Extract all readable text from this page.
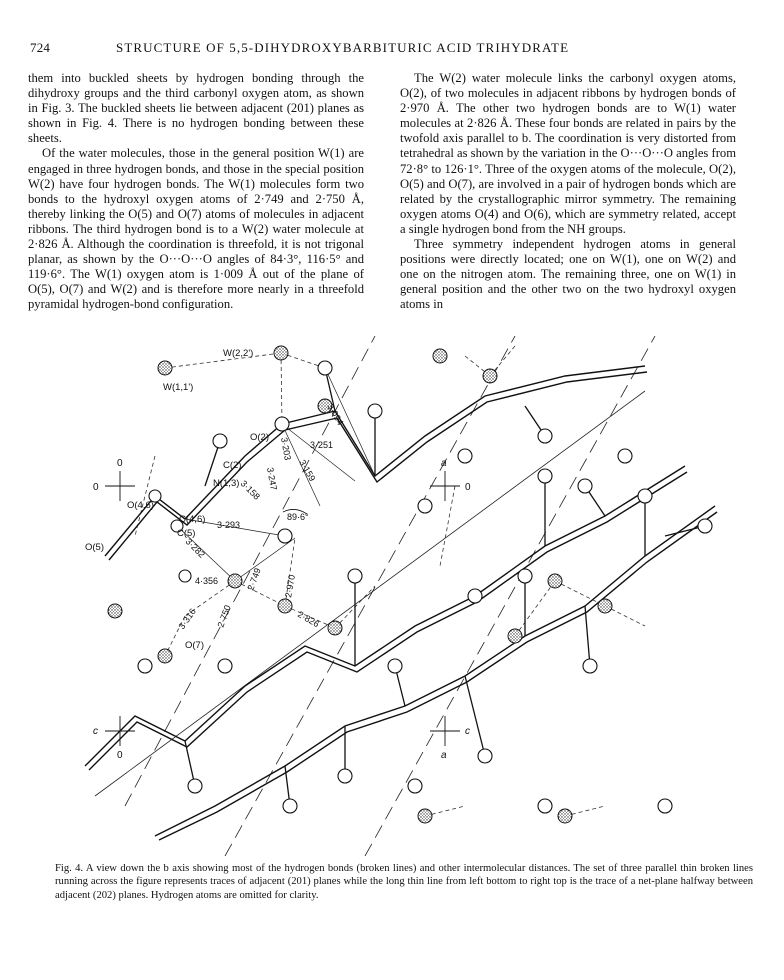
724	STRUCTURE OF 5,5-DIHYDROXYBARBITURIC ACID TRIHYDRATE

them into buckled sheets by hydrogen bonding through the dihydroxy groups and the third carbonyl oxygen atom, as shown in Fig. 3. The buckled sheets lie between adjacent (201) planes as shown in Fig. 4. There is no hydrogen bonding between these sheets.

Of the water molecules, those in the general position W(1) are engaged in three hydrogen bonds, and those in the special position W(2) have four hydrogen bonds. The W(1) molecules form two bonds to the hydroxyl oxygen atoms of 2·749 and 2·750 Å, thereby linking the O(5) and O(7) atoms of molecules in adjacent ribbons. The third hydrogen bond is to a W(2) water molecule at 2·826 Å. Although the coordination is threefold, it is not trigonal planar, as shown by the O···O···O angles of 84·3°, 116·5° and 119·6°. The W(1) oxygen atom is 1·009 Å out of the plane of O(5), O(7) and W(2) and is therefore more nearly in a threefold pyramidal hydrogen-bond configuration.

The W(2) water molecule links the carbonyl oxygen atoms, O(2), of two molecules in adjacent ribbons by hydrogen bonds of 2·970 Å. The other two hydrogen bonds are to W(1) water molecules at 2·826 Å. These four bonds are related in pairs by the twofold axis parallel to b. The coordination is very distorted from tetrahedral as shown by the variation in the O···O···O angles from 72·8° to 126·1°. Three of the oxygen atoms of the molecule, O(2), O(5) and O(7), are involved in a pair of hydrogen bonds which are related by the crystallographic mirror symmetry. The remaining oxygen atoms O(4) and O(6), which are symmetry related, accept a single hydrogen bond from the NH groups.

Three symmetry independent hydrogen atoms in general positions were directly located; one on W(1), one on W(2) and one on the nitrogen atom. The remaining three, one on W(1) in general position and the other two on the two hydroxyl oxygen atoms in

0
0
a
0
c
0
c
a
W(2,2')
W(1,1')
O(2)
C(2)
N(1,3)
O(4,6)
C(4,6)
C(5)
O(5)
O(7)
3·094
3·251
3·203
3·159
3·247
3·158
89·6°
3·293
3·282
2·749 2·970
4·356
3·316 2·750	2·826
Fig. 4. A view down the b axis showing most of the hydrogen bonds (broken lines) and other intermolecular distances. The set of three parallel thin broken lines running across the figure represents traces of adjacent (201) planes while the long thin line from left bottom to right top is the trace of a net-plane halfway between adjacent (202) planes. Hydrogen atoms are omitted for clarity.
